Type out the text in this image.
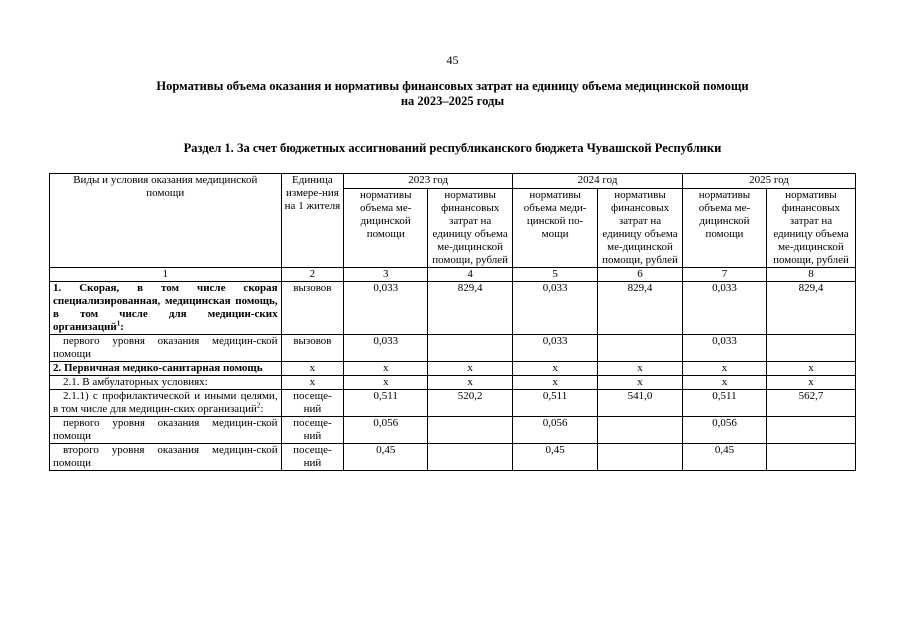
45
Нормативы объема оказания и нормативы финансовых затрат на единицу объема медицинской помощи
на 2023–2025 годы
Раздел 1. За счет бюджетных ассигнований республиканского бюджета Чувашской Республики
Виды и условия оказания медицинской помощи	Единица измере-ния на 1 жителя	2023 год		2024 год		2025 год	
		нормативы объема ме-дицинской помощи	нормативы финансовых затрат на единицу объема ме-дицинской помощи, рублей	нормативы объема меди-цинской по-мощи	нормативы финансовых затрат на единицу объема ме-дицинской помощи, рублей	нормативы объема ме-дицинской помощи	нормативы финансовых затрат на единицу объема ме-дицинской помощи, рублей
1	2	3	4	5	6	7	8
1. Скорая, в том числе скорая специализированная, медицинская помощь, в том числе для медицин-ских организаций$^1$:	вызовов	0,033	829,4	0,033	829,4	0,033	829,4
первого уровня оказания медицин-ской помощи	вызовов	0,033		0,033		0,033	
2. Первичная медико-санитарная помощь	х	х	х	х	х	х	х
2.1. В амбулаторных условиях:	х	х	х	х	х	х	х
2.1.1) с профилактической и иными целями, в том числе для медицин-ских организаций$^2$:	посеще-ний	0,511	520,2	0,511	541,0	0,511	562,7
первого уровня оказания медицин-ской помощи	посеще-ний	0,056		0,056		0,056	
второго уровня оказания медицин-ской помощи	посеще-ний	0,45		0,45		0,45	
